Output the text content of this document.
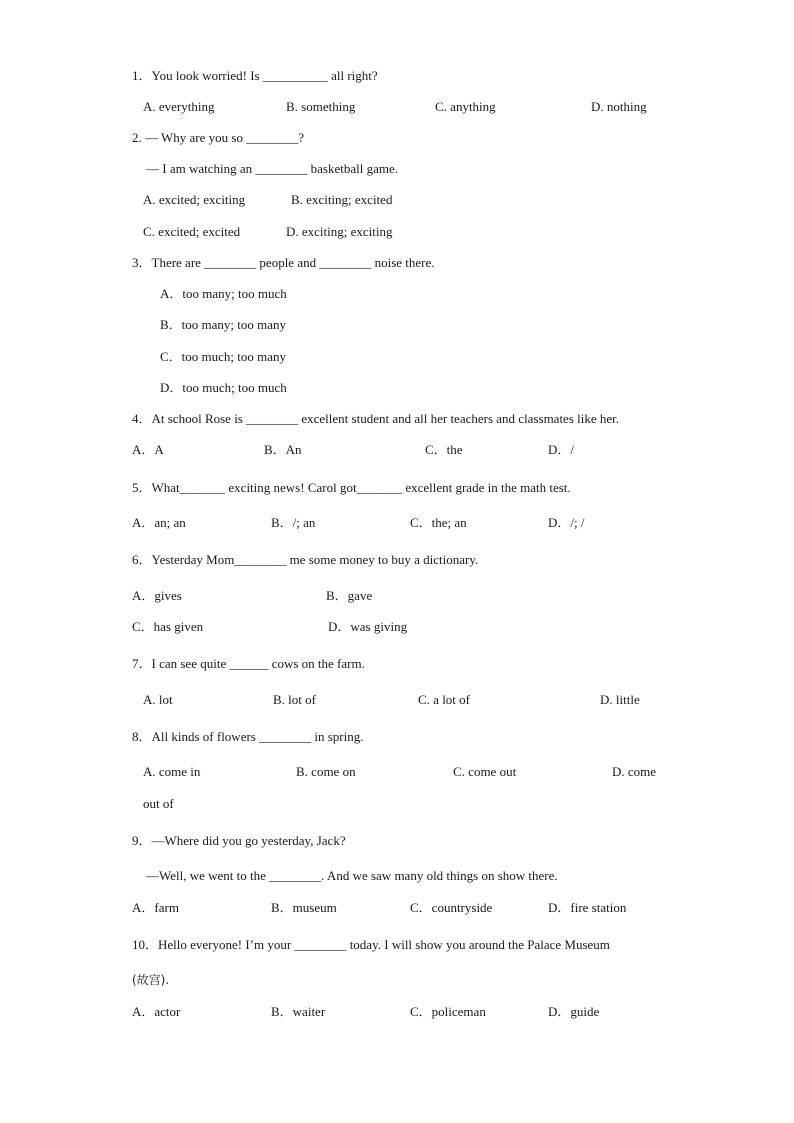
1．You look worried! Is __________ all right?
A. everything	B. something	C. anything	D. nothing
2. — Why are you so ________?
— I am watching an ________ basketball game.
A. excited; exciting	B. exciting; excited
C. excited; excited	D. exciting; exciting
3．There are ________ people and ________ noise there.
A．too many; too much
B．too many; too many
C．too much; too many
D．too much; too much
4．At school Rose is ________ excellent student and all her teachers and classmates like her.
A．A	B．An	C．the	D．/
5．What_______ exciting news! Carol got_______ excellent grade in the math test.
A．an; an	B．/; an	C．the; an	D．/; /
6．Yesterday Mom________ me some money to buy a dictionary.
A．gives	B．gave
C．has given	D．was giving
7．I can see quite ______ cows on the farm.
A. lot	B. lot of	C. a lot of	D. little
8．All kinds of flowers ________ in spring.
A. come in	B. come on	C. come out	D. come
out of
9．—Where did you go yesterday, Jack?
—Well, we went to the ________. And we saw many old things on show there.
A．farm	B．museum	C．countryside	D．fire station
10．Hello everyone! I’m your ________ today. I will show you around the Palace Museum
(故宫).
A．actor	B．waiter	C．policeman	D．guide
